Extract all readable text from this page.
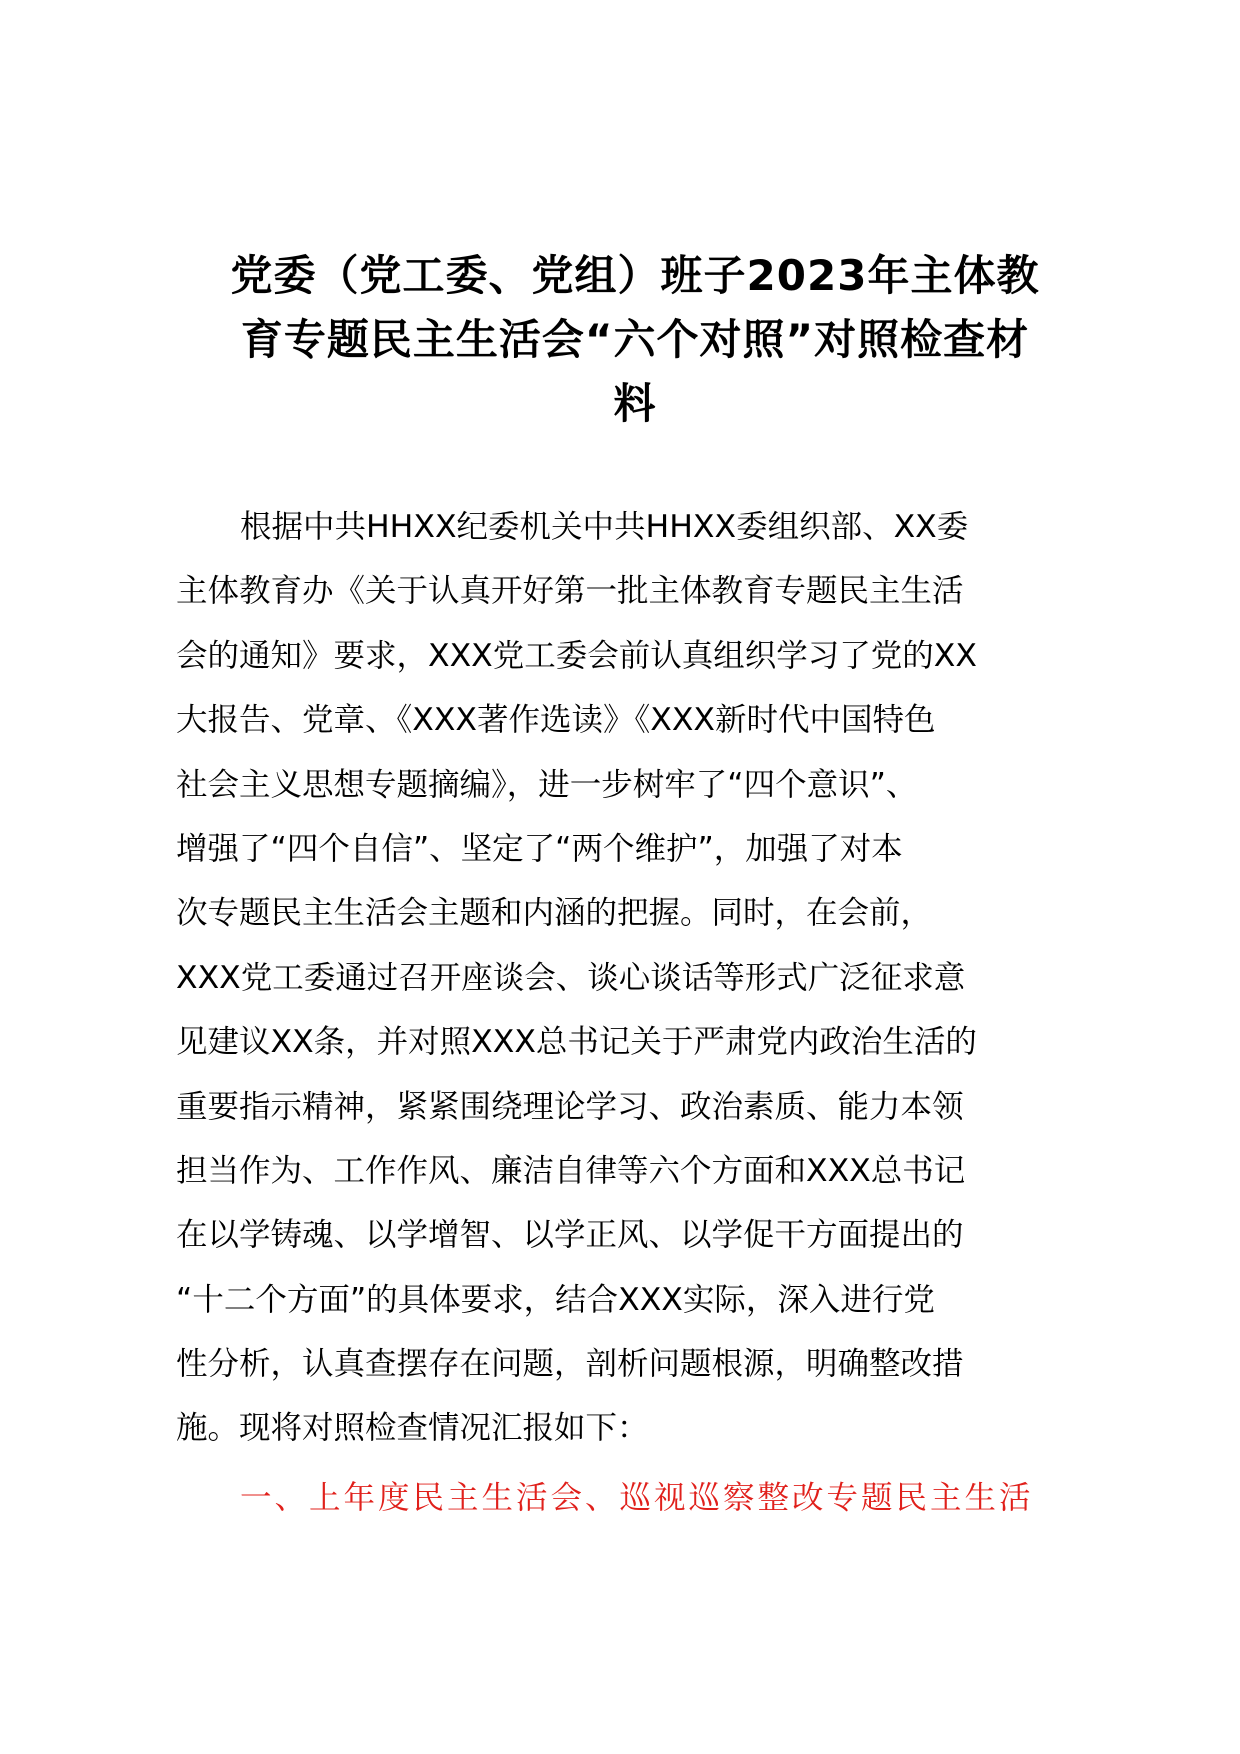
党委（党工委、党组）班子2023年主体教
育专题民主生活会“六个对照”对照检查材
料
根据中共HHXX纪委机关中共HHXX委组织部、XX委
主体教育办《关于认真开好第一批主体教育专题民主生活
会的通知》要求，XXX党工委会前认真组织学习了党的XX
大报告、党章、《XXX著作选读》《XXX新时代中国特色
社会主义思想专题摘编》，进一步树牢了“四个意识”、
增强了“四个自信”、坚定了“两个维护”，加强了对本
次专题民主生活会主题和内涵的把握。同时，在会前，
XXX党工委通过召开座谈会、谈心谈话等形式广泛征求意
见建议XX条，并对照XXX总书记关于严肃党内政治生活的
重要指示精神，紧紧围绕理论学习、政治素质、能力本领
担当作为、工作作风、廉洁自律等六个方面和XXX总书记
在以学铸魂、以学增智、以学正风、以学促干方面提出的
“十二个方面”的具体要求，结合XXX实际，深入进行党
性分析，认真查摆存在问题，剖析问题根源，明确整改措
施。现将对照检查情况汇报如下：
一、上年度民主生活会、巡视巡察整改专题民主生活
